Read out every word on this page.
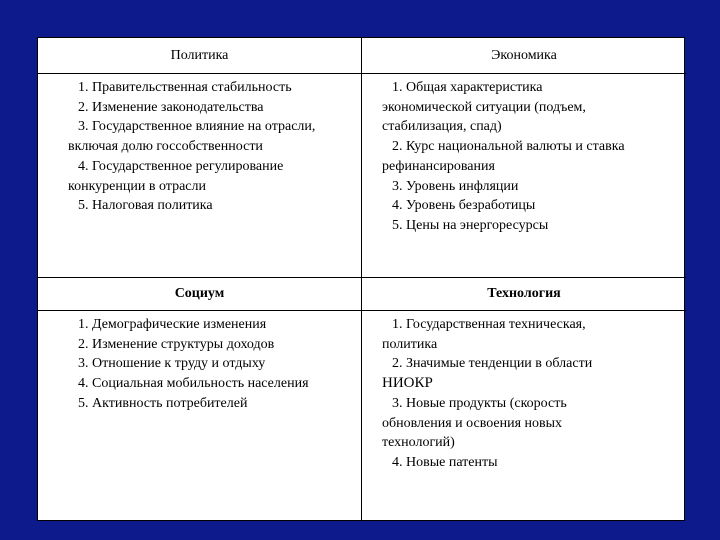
Политика	Экономика
1. Правительственная стабильность
2. Изменение законодательства
3. Государственное влияние на отрасли,
включая долю госсобственности
4. Государственное регулирование
конкуренции в отрасли
5. Налоговая политика
1. Общая характеристика
экономической ситуации (подъем,
стабилизация, спад)
2. Курс национальной валюты и ставка
рефинансирования
3. Уровень инфляции
4. Уровень безработицы
5. Цены на энергоресурсы
Социум	Технология
1. Демографические изменения
2. Изменение структуры доходов
3. Отношение к труду и отдыху
4. Социальная мобильность населения
5. Активность потребителей
1. Государственная техническая,
политика
2. Значимые тенденции в области
НИОКР
3. Новые продукты (скорость
обновления и освоения новых
технологий)
4. Новые патенты
